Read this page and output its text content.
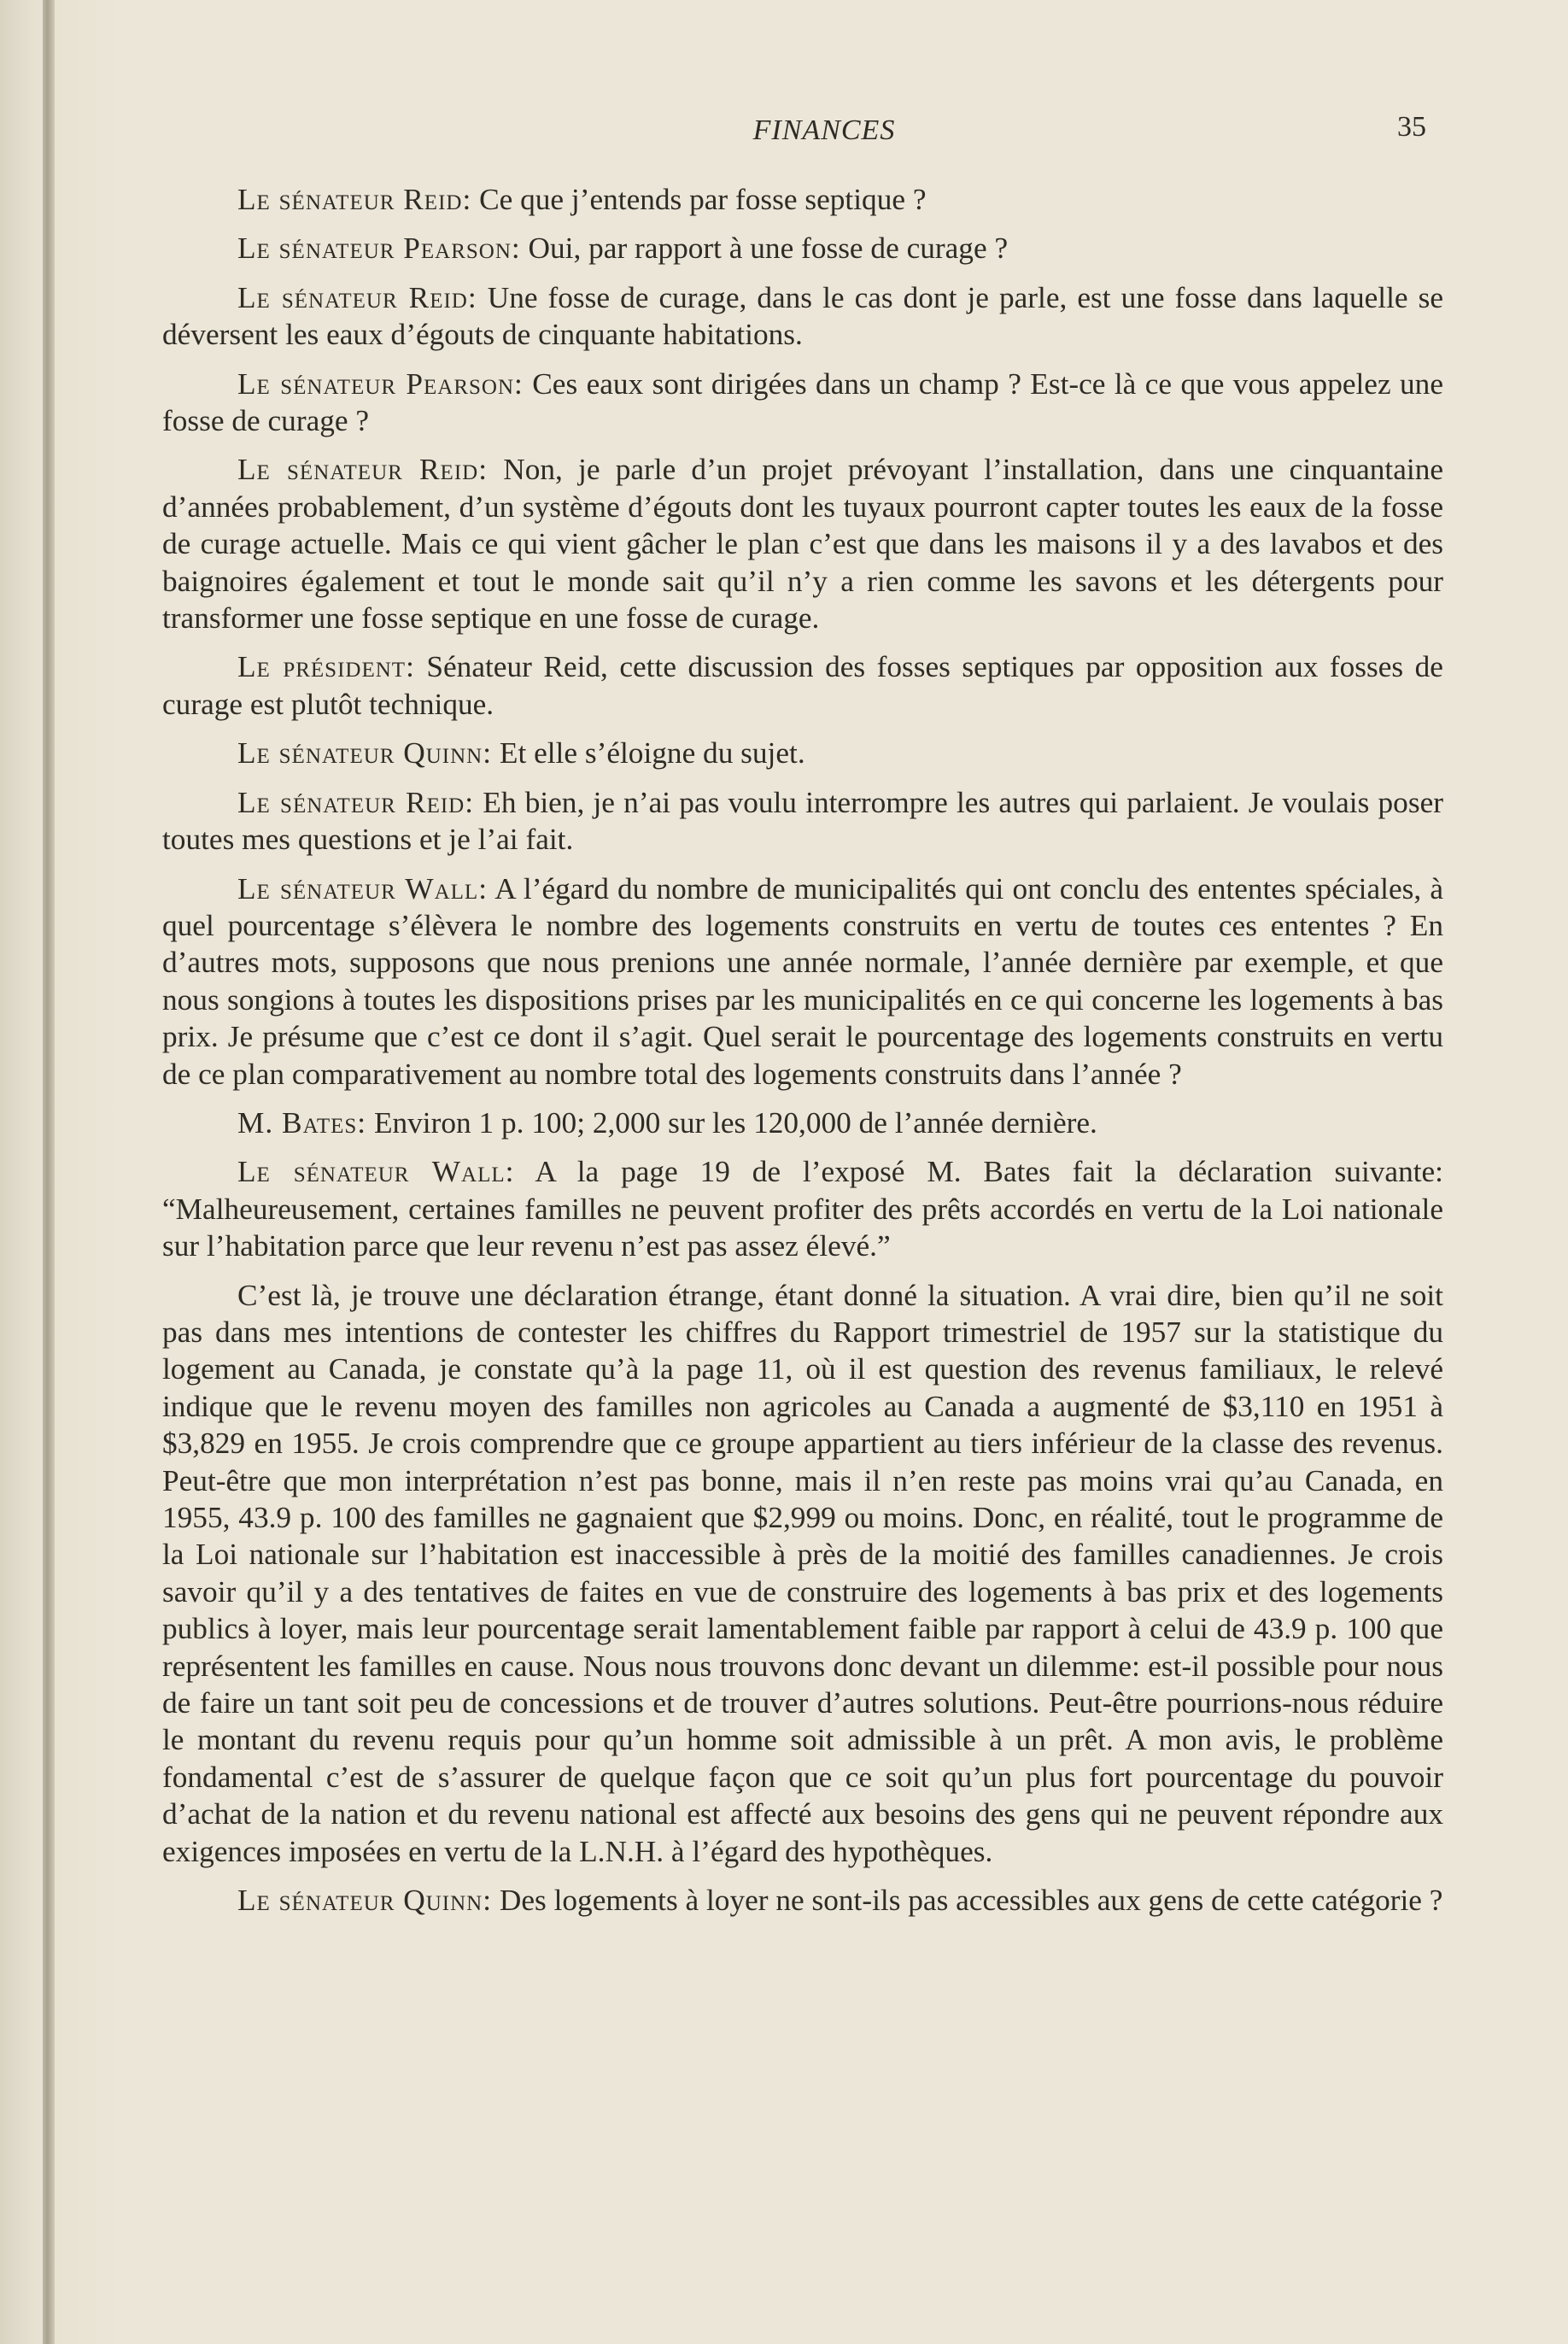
FINANCES	35

Le sénateur Reid: Ce que j’entends par fosse septique ?

Le sénateur Pearson: Oui, par rapport à une fosse de curage ?

Le sénateur Reid: Une fosse de curage, dans le cas dont je parle, est une fosse dans laquelle se déversent les eaux d’égouts de cinquante habitations.

Le sénateur Pearson: Ces eaux sont dirigées dans un champ ? Est-ce là ce que vous appelez une fosse de curage ?

Le sénateur Reid: Non, je parle d’un projet prévoyant l’installation, dans une cinquantaine d’années probablement, d’un système d’égouts dont les tuyaux pourront capter toutes les eaux de la fosse de curage actuelle. Mais ce qui vient gâcher le plan c’est que dans les maisons il y a des lavabos et des baignoires également et tout le monde sait qu’il n’y a rien comme les savons et les détergents pour transformer une fosse septique en une fosse de curage.

Le président: Sénateur Reid, cette discussion des fosses septiques par opposition aux fosses de curage est plutôt technique.

Le sénateur Quinn: Et elle s’éloigne du sujet.

Le sénateur Reid: Eh bien, je n’ai pas voulu interrompre les autres qui parlaient. Je voulais poser toutes mes questions et je l’ai fait.

Le sénateur Wall: A l’égard du nombre de municipalités qui ont conclu des ententes spéciales, à quel pourcentage s’élèvera le nombre des logements construits en vertu de toutes ces ententes ? En d’autres mots, supposons que nous prenions une année normale, l’année dernière par exemple, et que nous songions à toutes les dispositions prises par les municipalités en ce qui concerne les logements à bas prix. Je présume que c’est ce dont il s’agit. Quel serait le pourcentage des logements construits en vertu de ce plan comparativement au nombre total des logements construits dans l’année ?

M. Bates: Environ 1 p. 100; 2,000 sur les 120,000 de l’année dernière.

Le sénateur Wall: A la page 19 de l’exposé M. Bates fait la déclaration suivante: “Malheureusement, certaines familles ne peuvent profiter des prêts accordés en vertu de la Loi nationale sur l’habitation parce que leur revenu n’est pas assez élevé.”

C’est là, je trouve une déclaration étrange, étant donné la situation. A vrai dire, bien qu’il ne soit pas dans mes intentions de contester les chiffres du Rapport trimestriel de 1957 sur la statistique du logement au Canada, je constate qu’à la page 11, où il est question des revenus familiaux, le relevé indique que le revenu moyen des familles non agricoles au Canada a augmenté de $3,110 en 1951 à $3,829 en 1955. Je crois comprendre que ce groupe appartient au tiers inférieur de la classe des revenus. Peut-être que mon interprétation n’est pas bonne, mais il n’en reste pas moins vrai qu’au Canada, en 1955, 43.9 p. 100 des familles ne gagnaient que $2,999 ou moins. Donc, en réalité, tout le programme de la Loi nationale sur l’habitation est inaccessible à près de la moitié des familles canadiennes. Je crois savoir qu’il y a des tentatives de faites en vue de construire des logements à bas prix et des logements publics à loyer, mais leur pourcentage serait lamentablement faible par rapport à celui de 43.9 p. 100 que représentent les familles en cause. Nous nous trouvons donc devant un dilemme: est-il possible pour nous de faire un tant soit peu de concessions et de trouver d’autres solutions. Peut-être pourrions-nous réduire le montant du revenu requis pour qu’un homme soit admissible à un prêt. A mon avis, le problème fondamental c’est de s’assurer de quelque façon que ce soit qu’un plus fort pourcentage du pouvoir d’achat de la nation et du revenu national est affecté aux besoins des gens qui ne peuvent répondre aux exigences imposées en vertu de la L.N.H. à l’égard des hypothèques.

Le sénateur Quinn: Des logements à loyer ne sont-ils pas accessibles aux gens de cette catégorie ?
